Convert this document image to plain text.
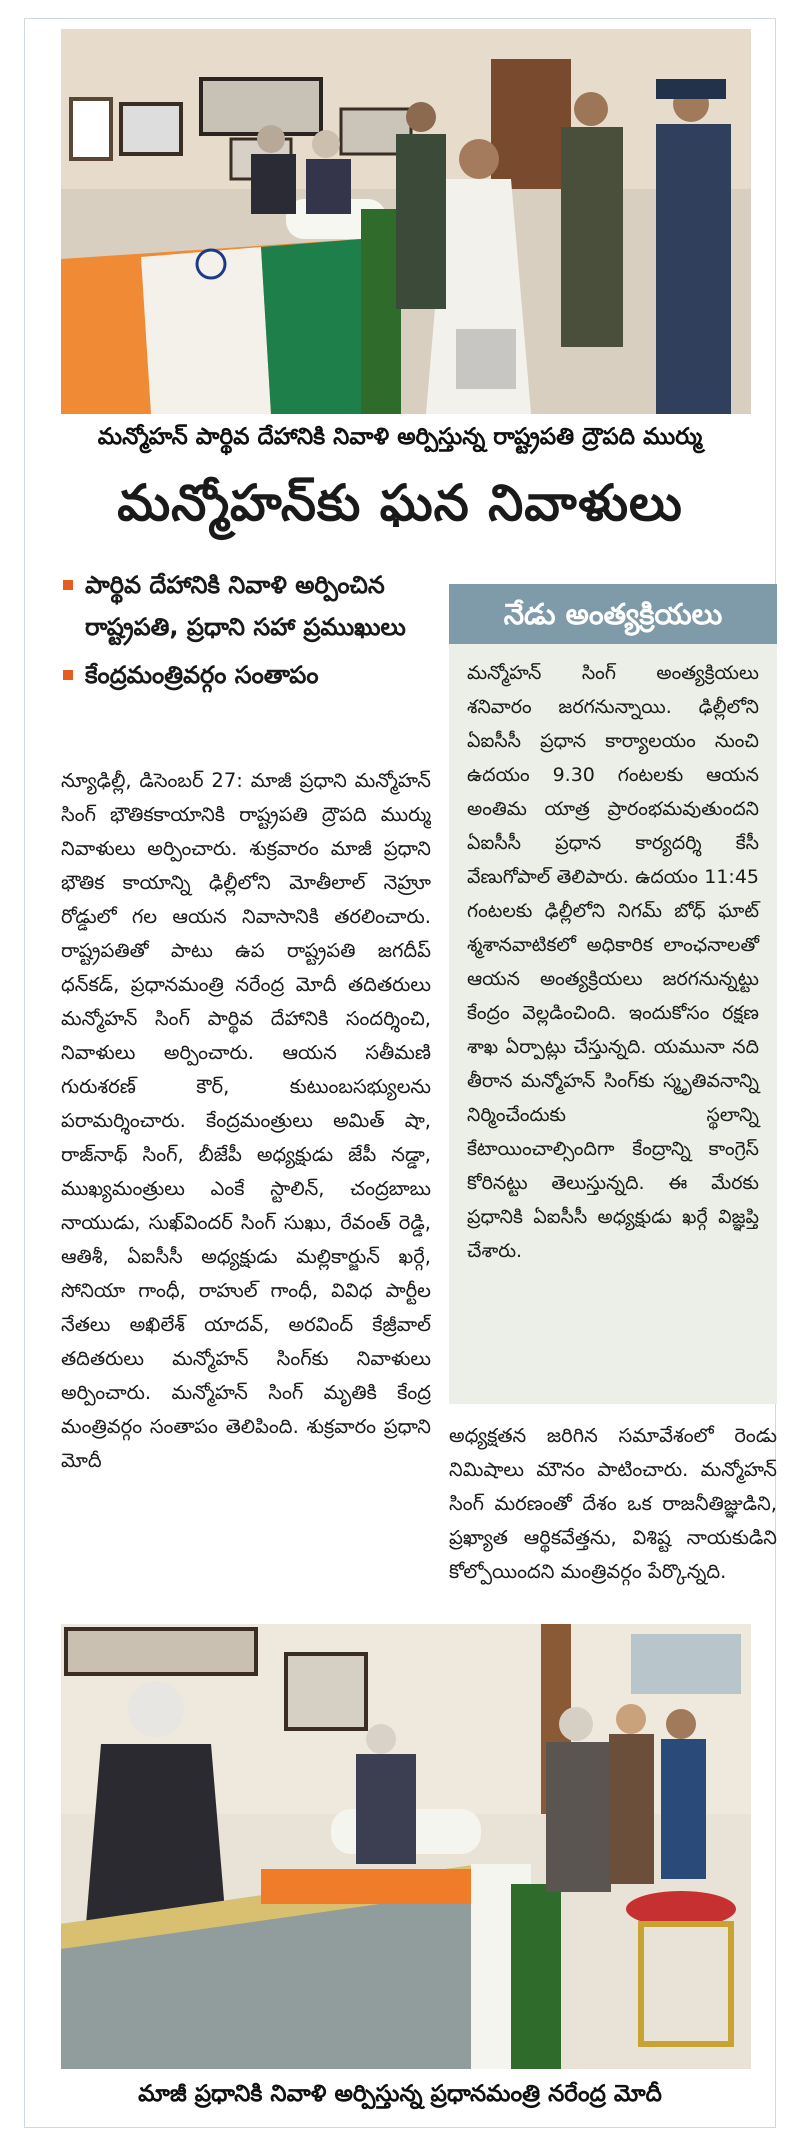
మన్మోహన్ పార్థివ దేహానికి నివాళి అర్పిస్తున్న రాష్ట్రపతి ద్రౌపది ముర్ము
మన్మోహన్‌కు ఘన నివాళులు
పార్థివ దేహానికి నివాళి అర్పించిన రాష్ట్రపతి, ప్రధాని సహా ప్రముఖులు
కేంద్రమంత్రివర్గం సంతాపం
న్యూఢిల్లీ, డిసెంబర్ 27: మాజీ ప్రధాని మన్మోహన్ సింగ్ భౌతికకాయానికి రాష్ట్రపతి ద్రౌపది ముర్ము నివాళులు అర్పించారు. శుక్రవారం మాజీ ప్రధాని భౌతిక కాయాన్ని ఢిల్లీలోని మోతీలాల్ నెహ్రూ రోడ్డులో గల ఆయన నివాసానికి తరలించారు. రాష్ట్రపతితో పాటు ఉప రాష్ట్రపతి జగదీప్ ధన్‌కడ్, ప్రధానమంత్రి నరేంద్ర మోదీ తదితరులు మన్మోహన్ సింగ్ పార్థివ దేహానికి సందర్శించి, నివాళులు అర్పించారు. ఆయన సతీమణి గురుశరణ్ కౌర్, కుటుంబసభ్యులను పరామర్శించారు. కేంద్రమంత్రులు అమిత్ షా, రాజ్‌నాథ్ సింగ్, బీజేపీ అధ్యక్షుడు జేపీ నడ్డా, ముఖ్యమంత్రులు ఎంకే స్టాలిన్, చంద్రబాబు నాయుడు, సుఖ్‌విందర్ సింగ్ సుఖు, రేవంత్ రెడ్డి, ఆతిశీ, ఏఐసీసీ అధ్యక్షుడు మల్లికార్జున్ ఖర్గే, సోనియా గాంధీ, రాహుల్ గాంధీ, వివిధ పార్టీల నేతలు అఖిలేశ్ యాదవ్, అరవింద్ కేజ్రీవాల్ తదితరులు మన్మోహన్ సింగ్‌కు నివాళులు అర్పించారు. మన్మోహన్ సింగ్ మృతికి కేంద్ర మంత్రివర్గం సంతాపం తెలిపింది. శుక్రవారం ప్రధాని మోదీ
నేడు అంత్యక్రియలు
మన్మోహన్ సింగ్ అంత్యక్రియలు శనివారం జరగనున్నాయి. ఢిల్లీలోని ఏఐసీసీ ప్రధాన కార్యాలయం నుంచి ఉదయం 9.30 గంటలకు ఆయన అంతిమ యాత్ర ప్రారంభమవుతుందని ఏఐసీసీ ప్రధాన కార్యదర్శి కేసీ వేణుగోపాల్ తెలిపారు. ఉదయం 11:45 గంటలకు ఢిల్లీలోని నిగమ్ బోధ్ ఘాట్ శ్మశానవాటికలో అధికారిక లాంఛనాలతో ఆయన అంత్యక్రియలు జరగనున్నట్టు కేంద్రం వెల్లడించింది. ఇందుకోసం రక్షణ శాఖ ఏర్పాట్లు చేస్తున్నది. యమునా నది తీరాన మన్మోహన్ సింగ్‌కు స్మృతివనాన్ని నిర్మించేందుకు స్థలాన్ని కేటాయించాల్సిందిగా కేంద్రాన్ని కాంగ్రెస్ కోరినట్టు తెలుస్తున్నది. ఈ మేరకు ప్రధానికి ఏఐసీసీ అధ్యక్షుడు ఖర్గే విజ్ఞప్తి చేశారు.
అధ్యక్షతన జరిగిన సమావేశంలో రెండు నిమిషాలు మౌనం పాటించారు. మన్మోహన్ సింగ్ మరణంతో దేశం ఒక రాజనీతిజ్ఞుడిని, ప్రఖ్యాత ఆర్థికవేత్తను, విశిష్ట నాయకుడిని కోల్పోయిందని మంత్రివర్గం పేర్కొన్నది.
మాజీ ప్రధానికి నివాళి అర్పిస్తున్న ప్రధానమంత్రి నరేంద్ర మోదీ
